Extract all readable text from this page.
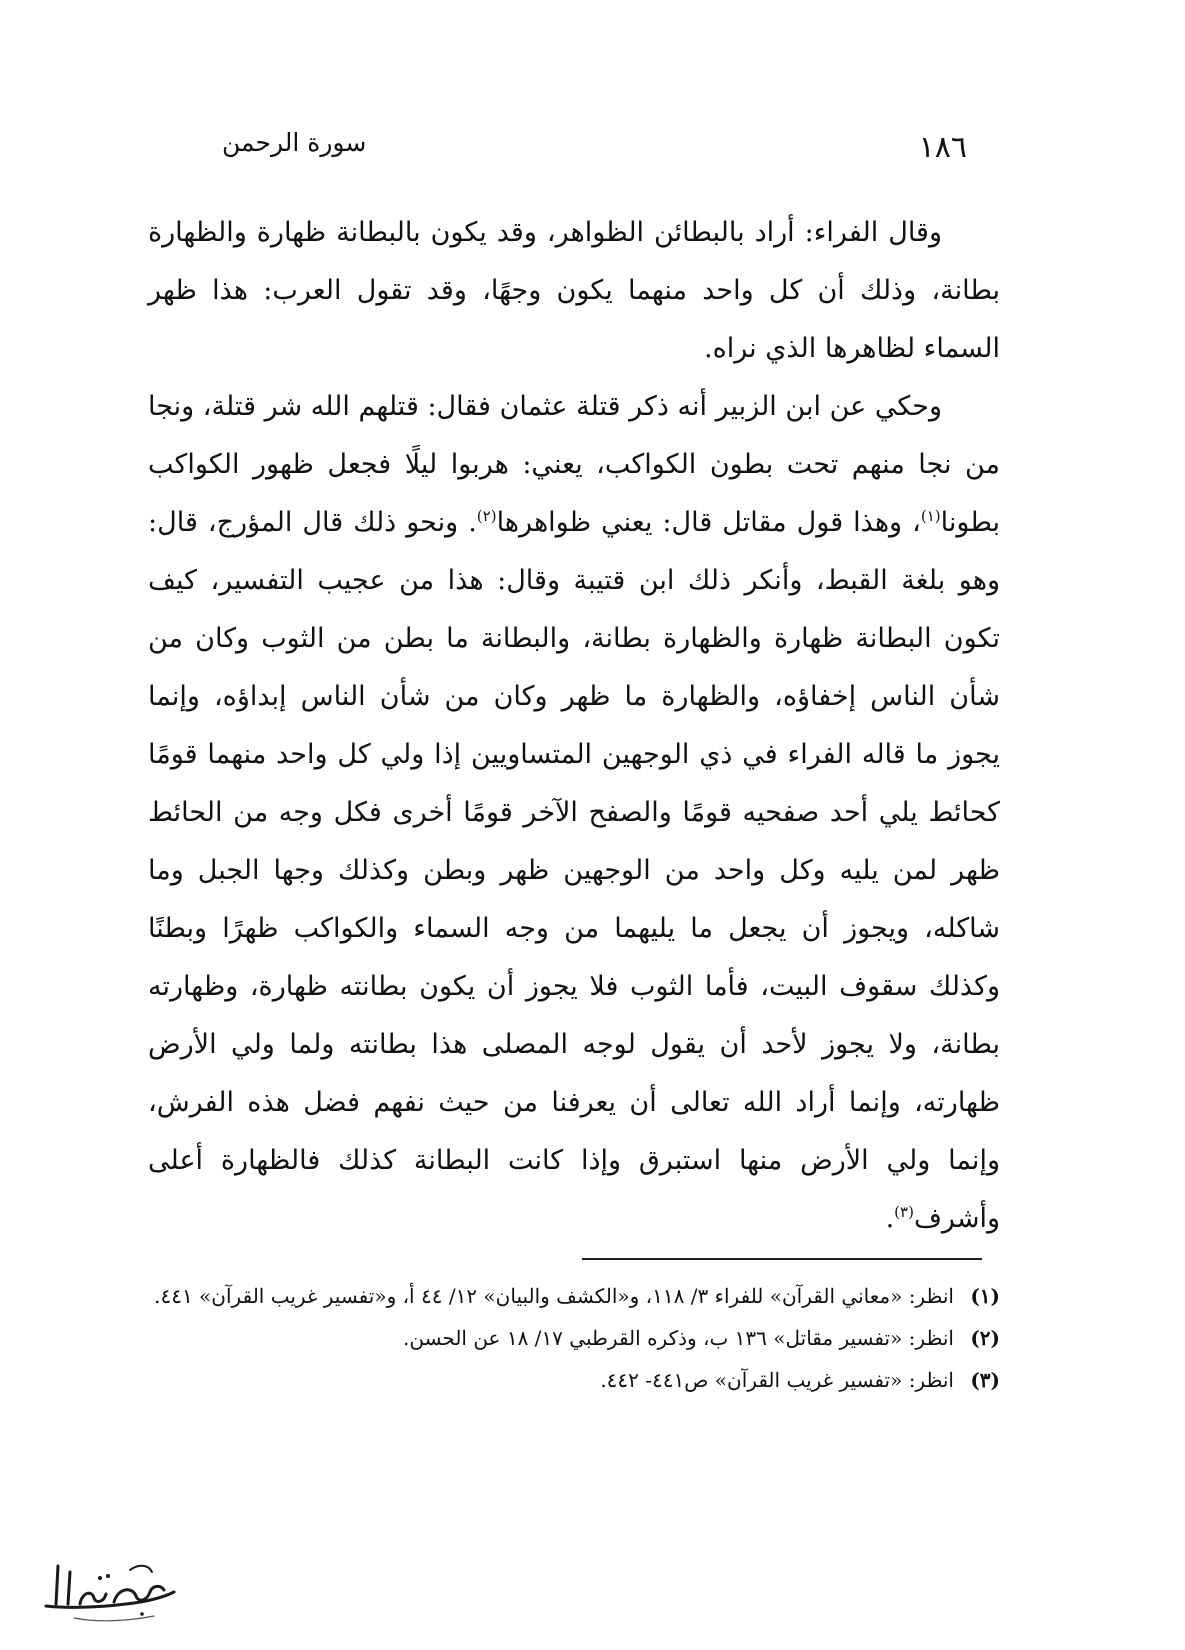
١٨٦
سورة الرحمن

وقال الفراء: أراد بالبطائن الظواهر، وقد يكون بالبطانة ظهارة والظهارة بطانة، وذلك أن كل واحد منهما يكون وجهًا، وقد تقول العرب: هذا ظهر السماء لظاهرها الذي نراه.

وحكي عن ابن الزبير أنه ذكر قتلة عثمان فقال: قتلهم الله شر قتلة، ونجا من نجا منهم تحت بطون الكواكب، يعني: هربوا ليلًا فجعل ظهور الكواكب بطونا$^{(١)}$، وهذا قول مقاتل قال: يعني ظواهرها$^{(٢)}$. ونحو ذلك قال المؤرج، قال: وهو بلغة القبط، وأنكر ذلك ابن قتيبة وقال: هذا من عجيب التفسير، كيف تكون البطانة ظهارة والظهارة بطانة، والبطانة ما بطن من الثوب وكان من شأن الناس إخفاؤه، والظهارة ما ظهر وكان من شأن الناس إبداؤه، وإنما يجوز ما قاله الفراء في ذي الوجهين المتساويين إذا ولي كل واحد منهما قومًا كحائط يلي أحد صفحيه قومًا والصفح الآخر قومًا أخرى فكل وجه من الحائط ظهر لمن يليه وكل واحد من الوجهين ظهر وبطن وكذلك وجها الجبل وما شاكله، ويجوز أن يجعل ما يليهما من وجه السماء والكواكب ظهرًا وبطنًا وكذلك سقوف البيت، فأما الثوب فلا يجوز أن يكون بطانته ظهارة، وظهارته بطانة، ولا يجوز لأحد أن يقول لوجه المصلى هذا بطانته ولما ولي الأرض ظهارته، وإنما أراد الله تعالى أن يعرفنا من حيث نفهم فضل هذه الفرش، وإنما ولي الأرض منها استبرق وإذا كانت البطانة كذلك فالظهارة أعلى وأشرف$^{(٣)}$.

(١)
انظر: «معاني القرآن» للفراء ٣/ ١١٨، و«الكشف والبيان» ١٢/ ٤٤ أ، و«تفسير غريب القرآن» ٤٤١.
(٢)
انظر: «تفسير مقاتل» ١٣٦ ب، وذكره القرطبي ١٧/ ١٨ عن الحسن.
(٣)
انظر: «تفسير غريب القرآن» ص٤٤١- ٤٤٢.
